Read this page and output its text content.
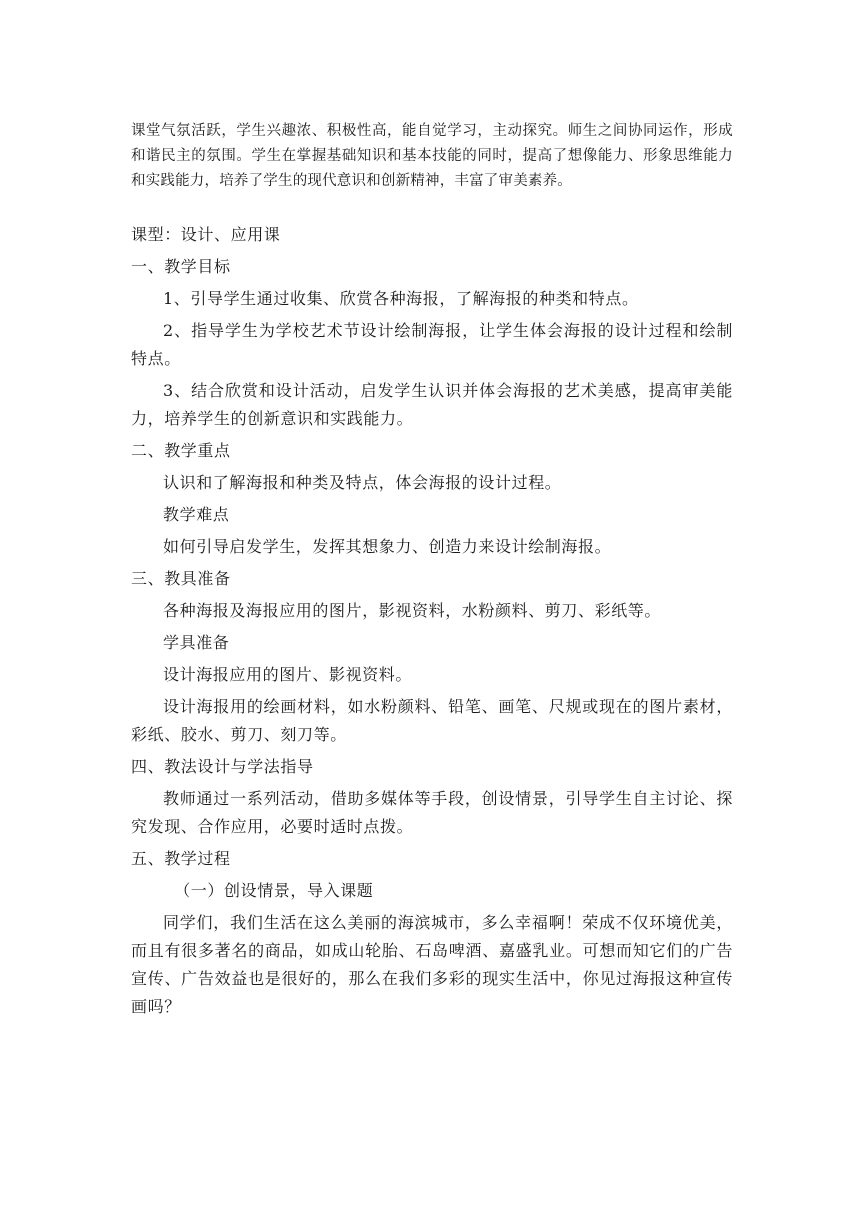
课堂气氛活跃，学生兴趣浓、积极性高，能自觉学习，主动探究。师生之间协同运作，形成和谐民主的氛围。学生在掌握基础知识和基本技能的同时，提高了想像能力、形象思维能力和实践能力，培养了学生的现代意识和创新精神，丰富了审美素养。

课型：设计、应用课

一、教学目标

1、引导学生通过收集、欣赏各种海报，了解海报的种类和特点。

2、指导学生为学校艺术节设计绘制海报，让学生体会海报的设计过程和绘制特点。

3、结合欣赏和设计活动，启发学生认识并体会海报的艺术美感，提高审美能力，培养学生的创新意识和实践能力。

二、教学重点

认识和了解海报和种类及特点，体会海报的设计过程。

教学难点

如何引导启发学生，发挥其想象力、创造力来设计绘制海报。

三、教具准备

各种海报及海报应用的图片，影视资料，水粉颜料、剪刀、彩纸等。

学具准备

设计海报应用的图片、影视资料。

设计海报用的绘画材料，如水粉颜料、铅笔、画笔、尺规或现在的图片素材，彩纸、胶水、剪刀、刻刀等。

四、教法设计与学法指导

教师通过一系列活动，借助多媒体等手段，创设情景，引导学生自主讨论、探究发现、合作应用，必要时适时点拨。

五、教学过程

（一）创设情景，导入课题

同学们，我们生活在这么美丽的海滨城市，多么幸福啊！荣成不仅环境优美，而且有很多著名的商品，如成山轮胎、石岛啤酒、嘉盛乳业。可想而知它们的广告宣传、广告效益也是很好的，那么在我们多彩的现实生活中，你见过海报这种宣传画吗？
